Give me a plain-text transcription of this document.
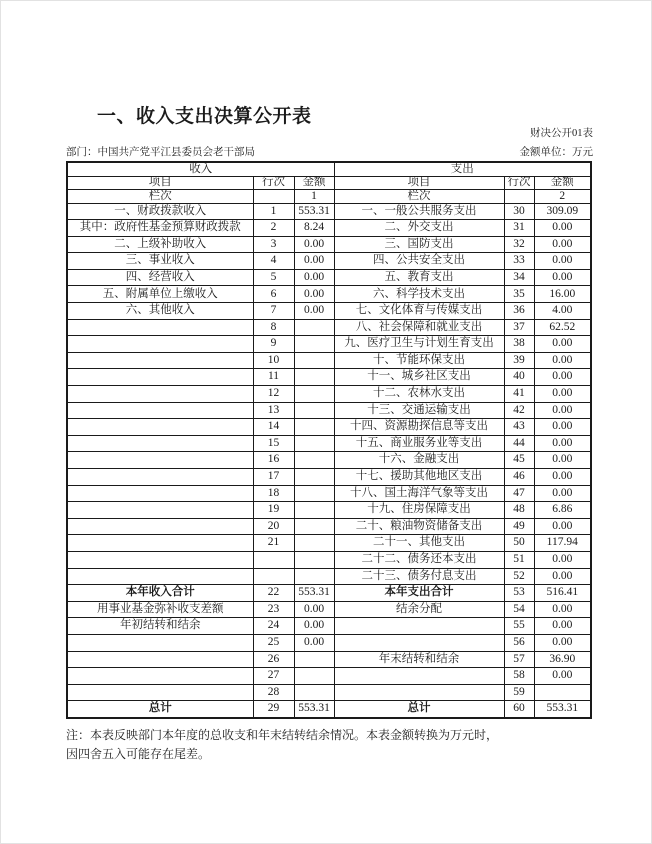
一、收入支出决算公开表
财决公开01表
部门：中国共产党平江县委员会老干部局	金额单位：万元
收入			支出		
项目	行次	金额	项目	行次	金额
栏次		1	栏次		2
一、财政拨款收入	1	553.31	一、一般公共服务支出	30	309.09
其中：政府性基金预算财政拨款	2	8.24	二、外交支出	31	0.00
二、上级补助收入	3	0.00	三、国防支出	32	0.00
三、事业收入	4	0.00	四、公共安全支出	33	0.00
四、经营收入	5	0.00	五、教育支出	34	0.00
五、附属单位上缴收入	6	0.00	六、科学技术支出	35	16.00
六、其他收入	7	0.00	七、文化体育与传媒支出	36	4.00
	8		八、社会保障和就业支出	37	62.52
	9		九、医疗卫生与计划生育支出	38	0.00
	10		十、节能环保支出	39	0.00
	11		十一、城乡社区支出	40	0.00
	12		十二、农林水支出	41	0.00
	13		十三、交通运输支出	42	0.00
	14		十四、资源勘探信息等支出	43	0.00
	15		十五、商业服务业等支出	44	0.00
	16		十六、金融支出	45	0.00
	17		十七、援助其他地区支出	46	0.00
	18		十八、国土海洋气象等支出	47	0.00
	19		十九、住房保障支出	48	6.86
	20		二十、粮油物资储备支出	49	0.00
	21		二十一、其他支出	50	117.94
			二十二、债务还本支出	51	0.00
			二十三、债务付息支出	52	0.00
本年收入合计	22	553.31	本年支出合计	53	516.41
用事业基金弥补收支差额	23	0.00	结余分配	54	0.00
年初结转和结余	24	0.00		55	0.00
	25	0.00		56	0.00
	26		年末结转和结余	57	36.90
	27			58	0.00
	28			59	
总计	29	553.31	总计	60	553.31
注：本表反映部门本年度的总收支和年末结转结余情况。本表金额转换为万元时，
因四舍五入可能存在尾差。
